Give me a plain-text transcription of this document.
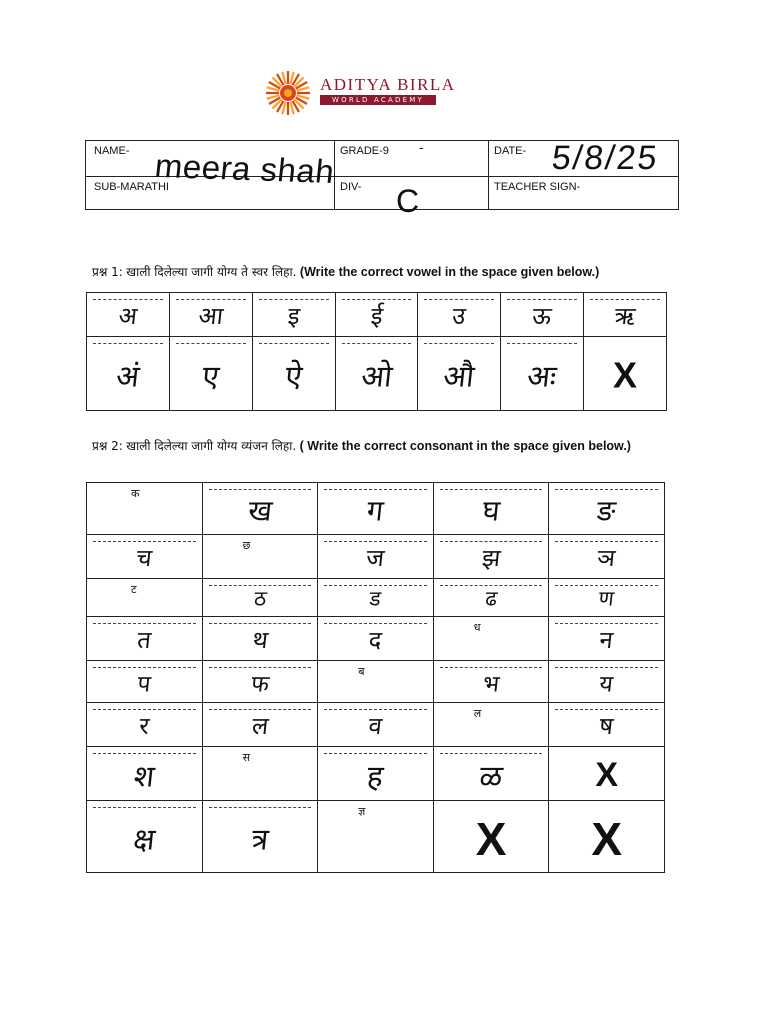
ADITYA BIRLA
WORLD ACADEMY
NAME-	GRADE-9 -	DATE-
SUB-MARATHI	DIV-	TEACHER SIGN-
meera shah	5/8/25
C
प्रश्न 1: खाली दिलेल्या जागी योग्य ते स्वर लिहा. (Write the correct vowel in the space given below.)
अ	आ	इ	ई	उ	ऊ	ऋ

अं	ए	ऐ	ओ	औ	अः	X
प्रश्न 2: खाली दिलेल्या जागी योग्य व्यंजन लिहा. ( Write the correct consonant in the space given below.)
क	ख	ग	घ	ङ

च	छ	ज	झ	ञ

ट	ठ	ड	ढ	ण

त	थ	द	ध	न

प	फ	ब	भ	य

र	ल	व	ल	ष

श	स	ह	ळ	X

क्ष	त्र	ज्ञ	X	X
